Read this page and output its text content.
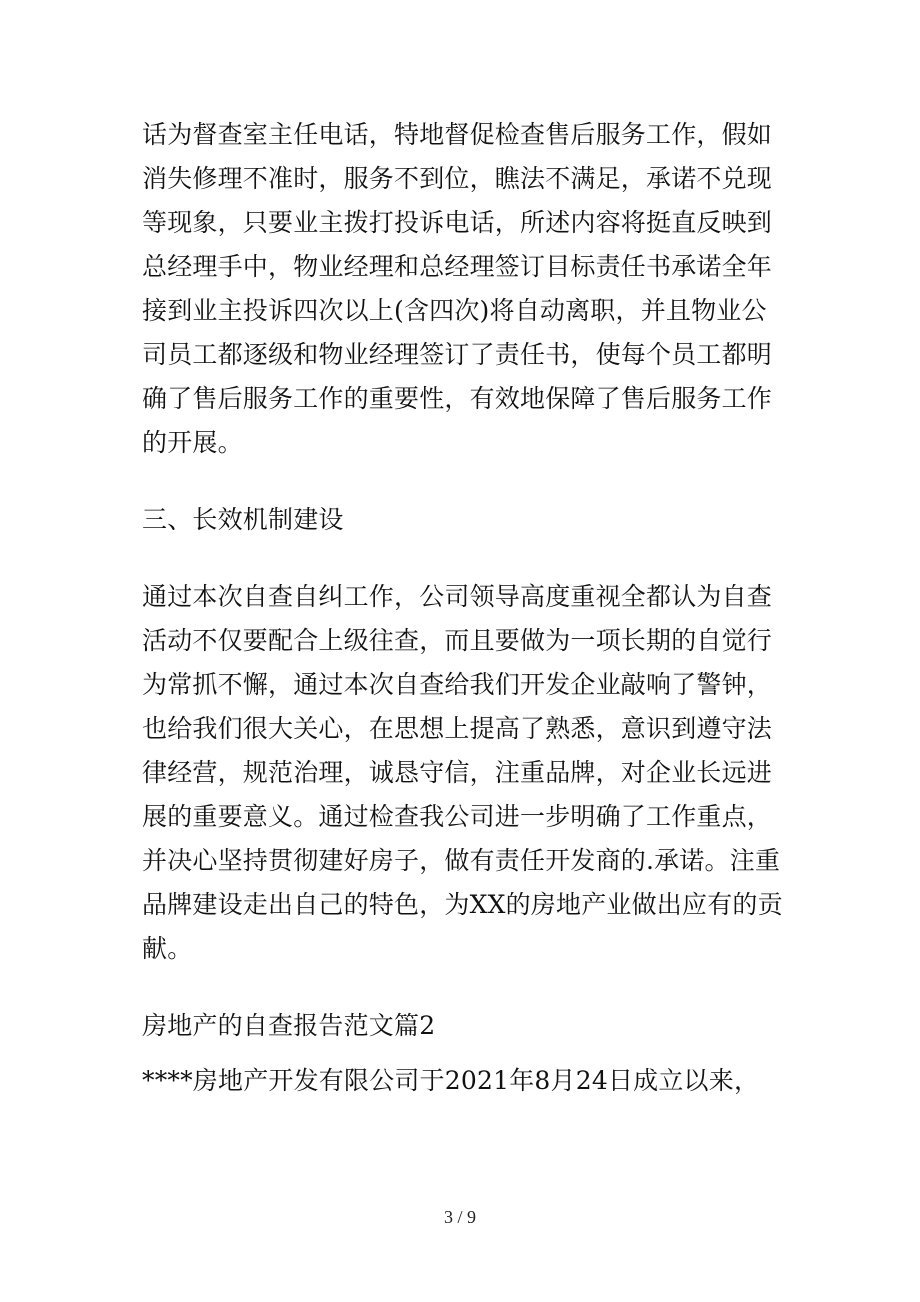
话为督查室主任电话，特地督促检查售后服务工作，假如
消失修理不准时，服务不到位，瞧法不满足，承诺不兑现
等现象，只要业主拨打投诉电话，所述内容将挺直反映到
总经理手中，物业经理和总经理签订目标责任书承诺全年
接到业主投诉四次以上(含四次)将自动离职，并且物业公
司员工都逐级和物业经理签订了责任书，使每个员工都明
确了售后服务工作的重要性，有效地保障了售后服务工作
的开展。
三、长效机制建设
通过本次自查自纠工作，公司领导高度重视全都认为自查
活动不仅要配合上级往查，而且要做为一项长期的自觉行
为常抓不懈，通过本次自查给我们开发企业敲响了警钟，
也给我们很大关心，在思想上提高了熟悉，意识到遵守法
律经营，规范治理，诚恳守信，注重品牌，对企业长远进
展的重要意义。通过检查我公司进一步明确了工作重点，
并决心坚持贯彻建好房子，做有责任开发商的.承诺。注重
品牌建设走出自己的特色，为XX的房地产业做出应有的贡
献。
房地产的自查报告范文篇2
****房地产开发有限公司于2021年8月24日成立以来，
3 / 9
